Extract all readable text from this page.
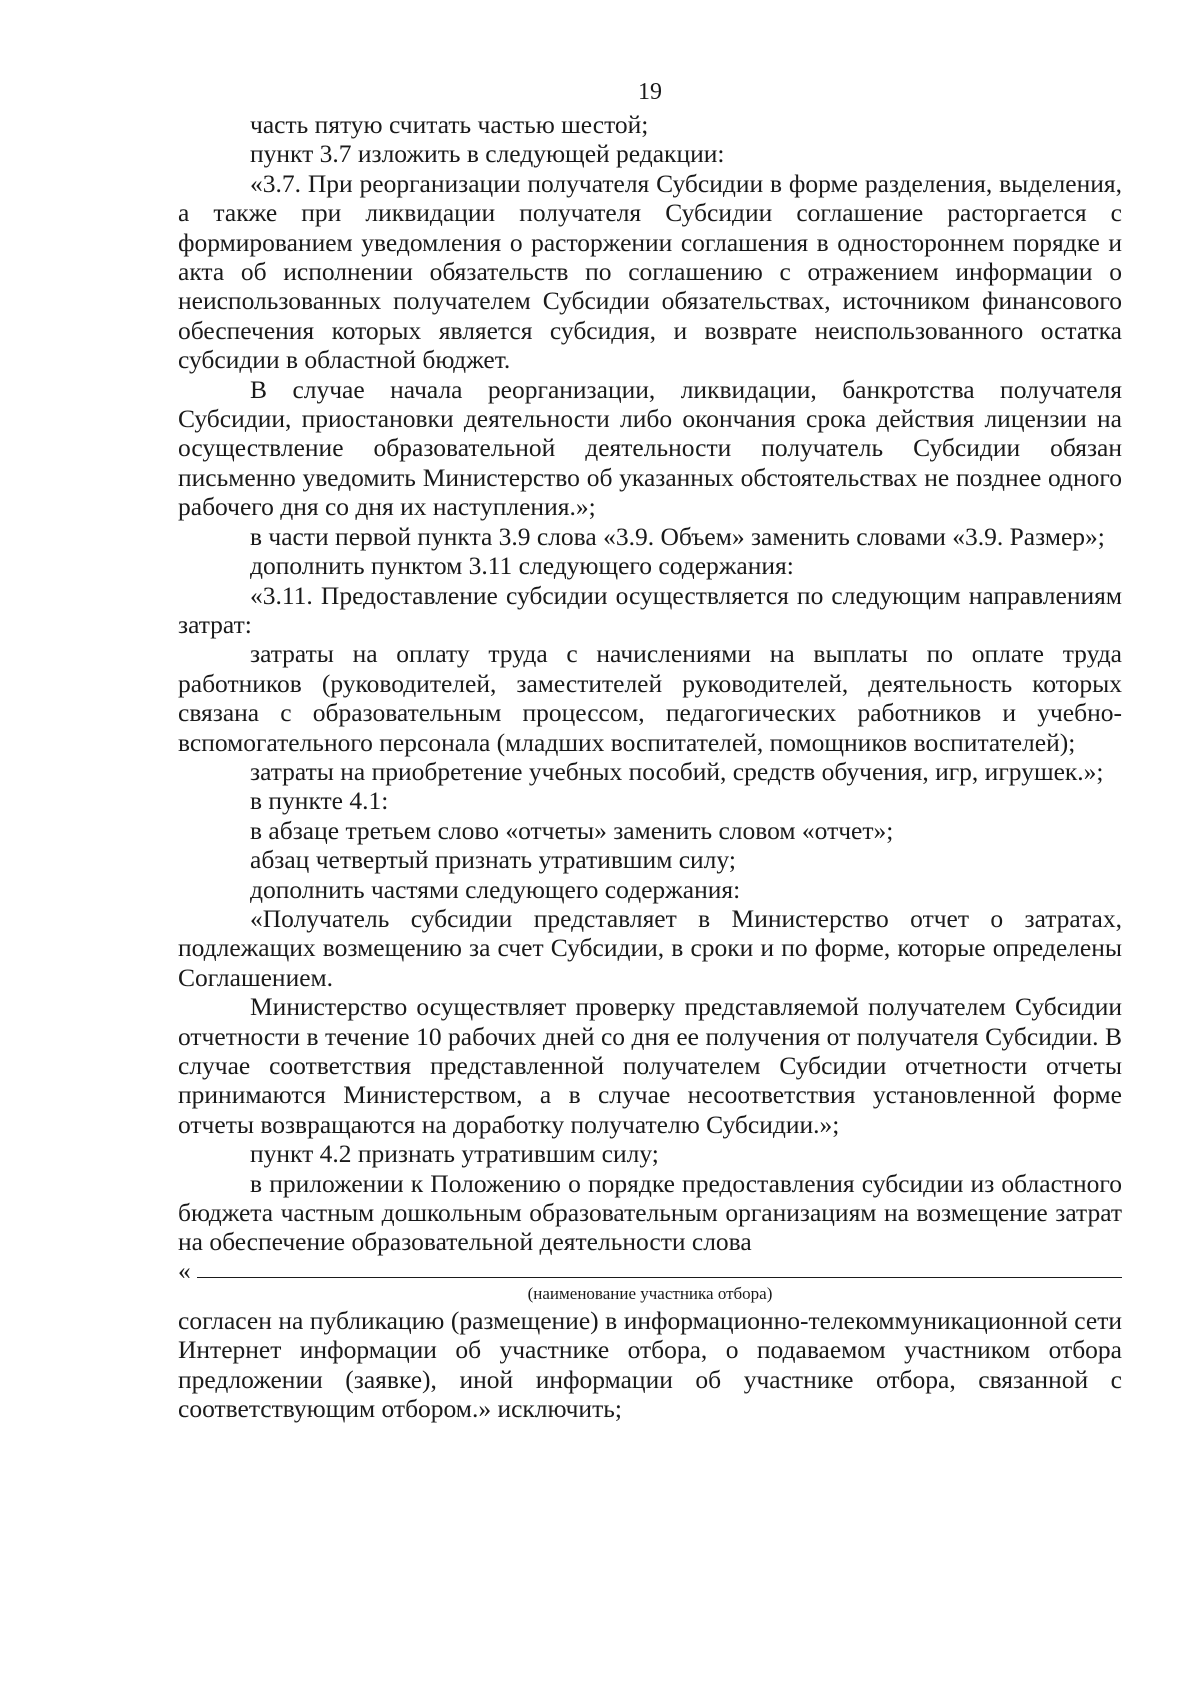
19

часть пятую считать частью шестой;

пункт 3.7 изложить в следующей редакции:

«3.7. При реорганизации получателя Субсидии в форме разделения, выделения, а также при ликвидации получателя Субсидии соглашение расторгается с формированием уведомления о расторжении соглашения в одностороннем порядке и акта об исполнении обязательств по соглашению с отражением информации о неиспользованных получателем Субсидии обязательствах, источником финансового обеспечения которых является субсидия, и возврате неиспользованного остатка субсидии в областной бюджет.

В случае начала реорганизации, ликвидации, банкротства получателя Субсидии, приостановки деятельности либо окончания срока действия лицензии на осуществление образовательной деятельности получатель Субсидии обязан письменно уведомить Министерство об указанных обстоятельствах не позднее одного рабочего дня со дня их наступления.»;

в части первой пункта 3.9 слова «3.9. Объем» заменить словами «3.9. Размер»;

дополнить пунктом 3.11 следующего содержания:

«3.11. Предоставление субсидии осуществляется по следующим направлениям затрат:

затраты на оплату труда с начислениями на выплаты по оплате труда работников (руководителей, заместителей руководителей, деятельность которых связана с образовательным процессом, педагогических работников и учебно-вспомогательного персонала (младших воспитателей, помощников воспитателей);

затраты на приобретение учебных пособий, средств обучения, игр, игрушек.»;

в пункте 4.1:

в абзаце третьем слово «отчеты» заменить словом «отчет»;

абзац четвертый признать утратившим силу;

дополнить частями следующего содержания:

«Получатель субсидии представляет в Министерство отчет о затратах, подлежащих возмещению за счет Субсидии, в сроки и по форме, которые определены Соглашением.

Министерство осуществляет проверку представляемой получателем Субсидии отчетности в течение 10 рабочих дней со дня ее получения от получателя Субсидии. В случае соответствия представленной получателем Субсидии отчетности отчеты принимаются Министерством, а в случае несоответствия установленной форме отчеты возвращаются на доработку получателю Субсидии.»;

пункт 4.2 признать утратившим силу;

в приложении к Положению о порядке предоставления субсидии из областного бюджета частным дошкольным образовательным организациям на возмещение затрат на обеспечение образовательной деятельности слова

«
(наименование участника отбора)

согласен на публикацию (размещение) в информационно-телекоммуникационной сети Интернет информации об участнике отбора, о подаваемом участником отбора предложении (заявке), иной информации об участнике отбора, связанной с соответствующим отбором.» исключить;
